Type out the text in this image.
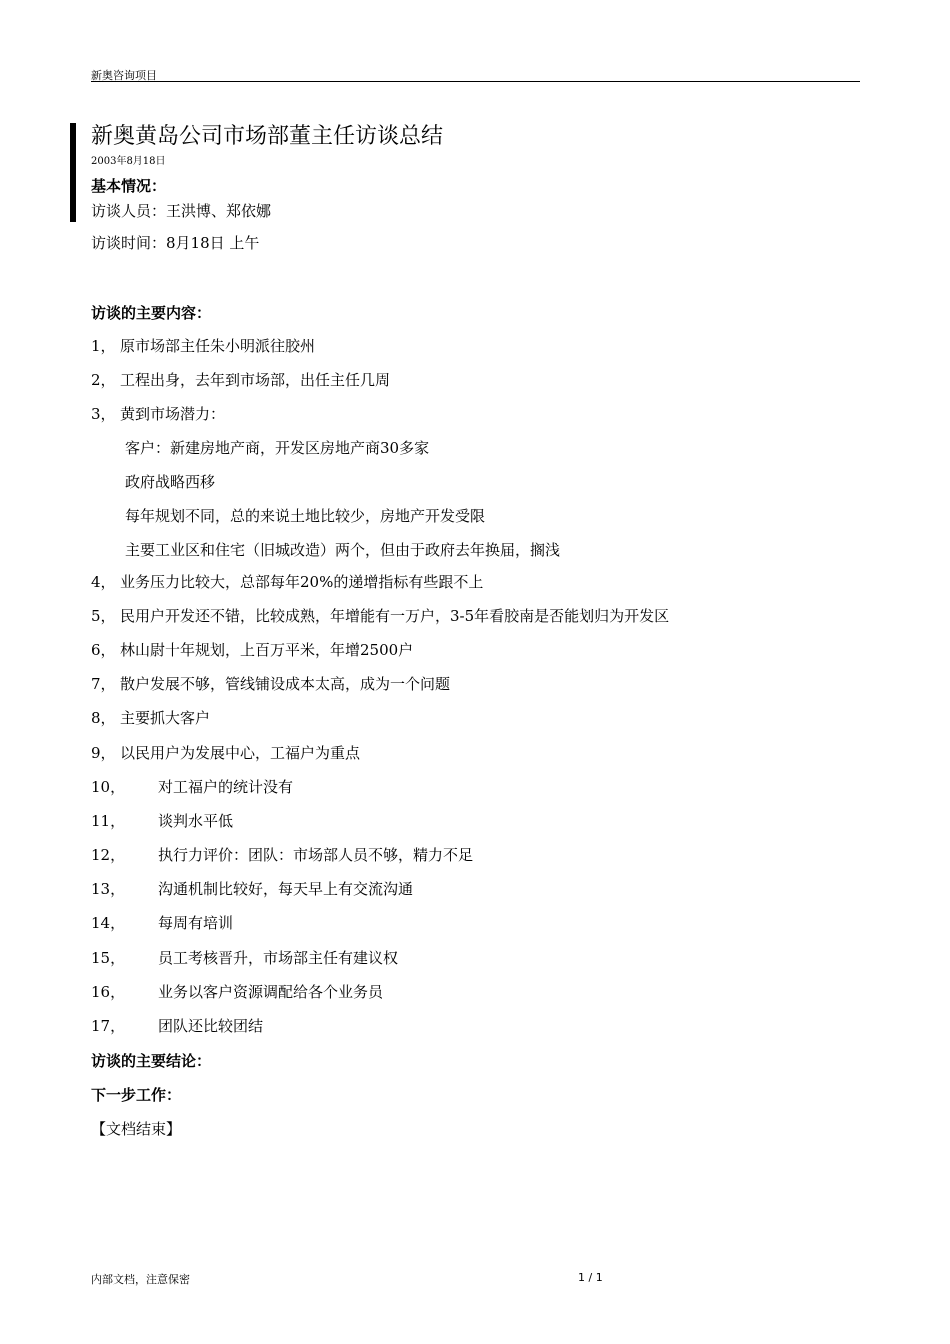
新奥咨询项目
新奥黄岛公司市场部董主任访谈总结
2003年8月18日
基本情况：
访谈人员：王洪博、郑依娜
访谈时间：8月18日 上午
访谈的主要内容：
1， 原市场部主任朱小明派往胶州
2， 工程出身，去年到市场部，出任主任几周
3， 黄到市场潜力：
客户：新建房地产商，开发区房地产商30多家
政府战略西移
每年规划不同，总的来说土地比较少，房地产开发受限
主要工业区和住宅（旧城改造）两个，但由于政府去年换届，搁浅
4， 业务压力比较大，总部每年20%的递增指标有些跟不上
5， 民用户开发还不错，比较成熟，年增能有一万户，3-5年看胶南是否能划归为开发区
6， 林山尉十年规划，上百万平米，年增2500户
7， 散户发展不够，管线铺设成本太高，成为一个问题
8， 主要抓大客户
9， 以民用户为发展中心，工福户为重点
10， 对工福户的统计没有
11， 谈判水平低
12， 执行力评价：团队：市场部人员不够，精力不足
13， 沟通机制比较好，每天早上有交流沟通
14， 每周有培训
15， 员工考核晋升，市场部主任有建议权
16， 业务以客户资源调配给各个业务员
17， 团队还比较团结
访谈的主要结论：
下一步工作：
【文档结束】
内部文档，注意保密	1 / 1
